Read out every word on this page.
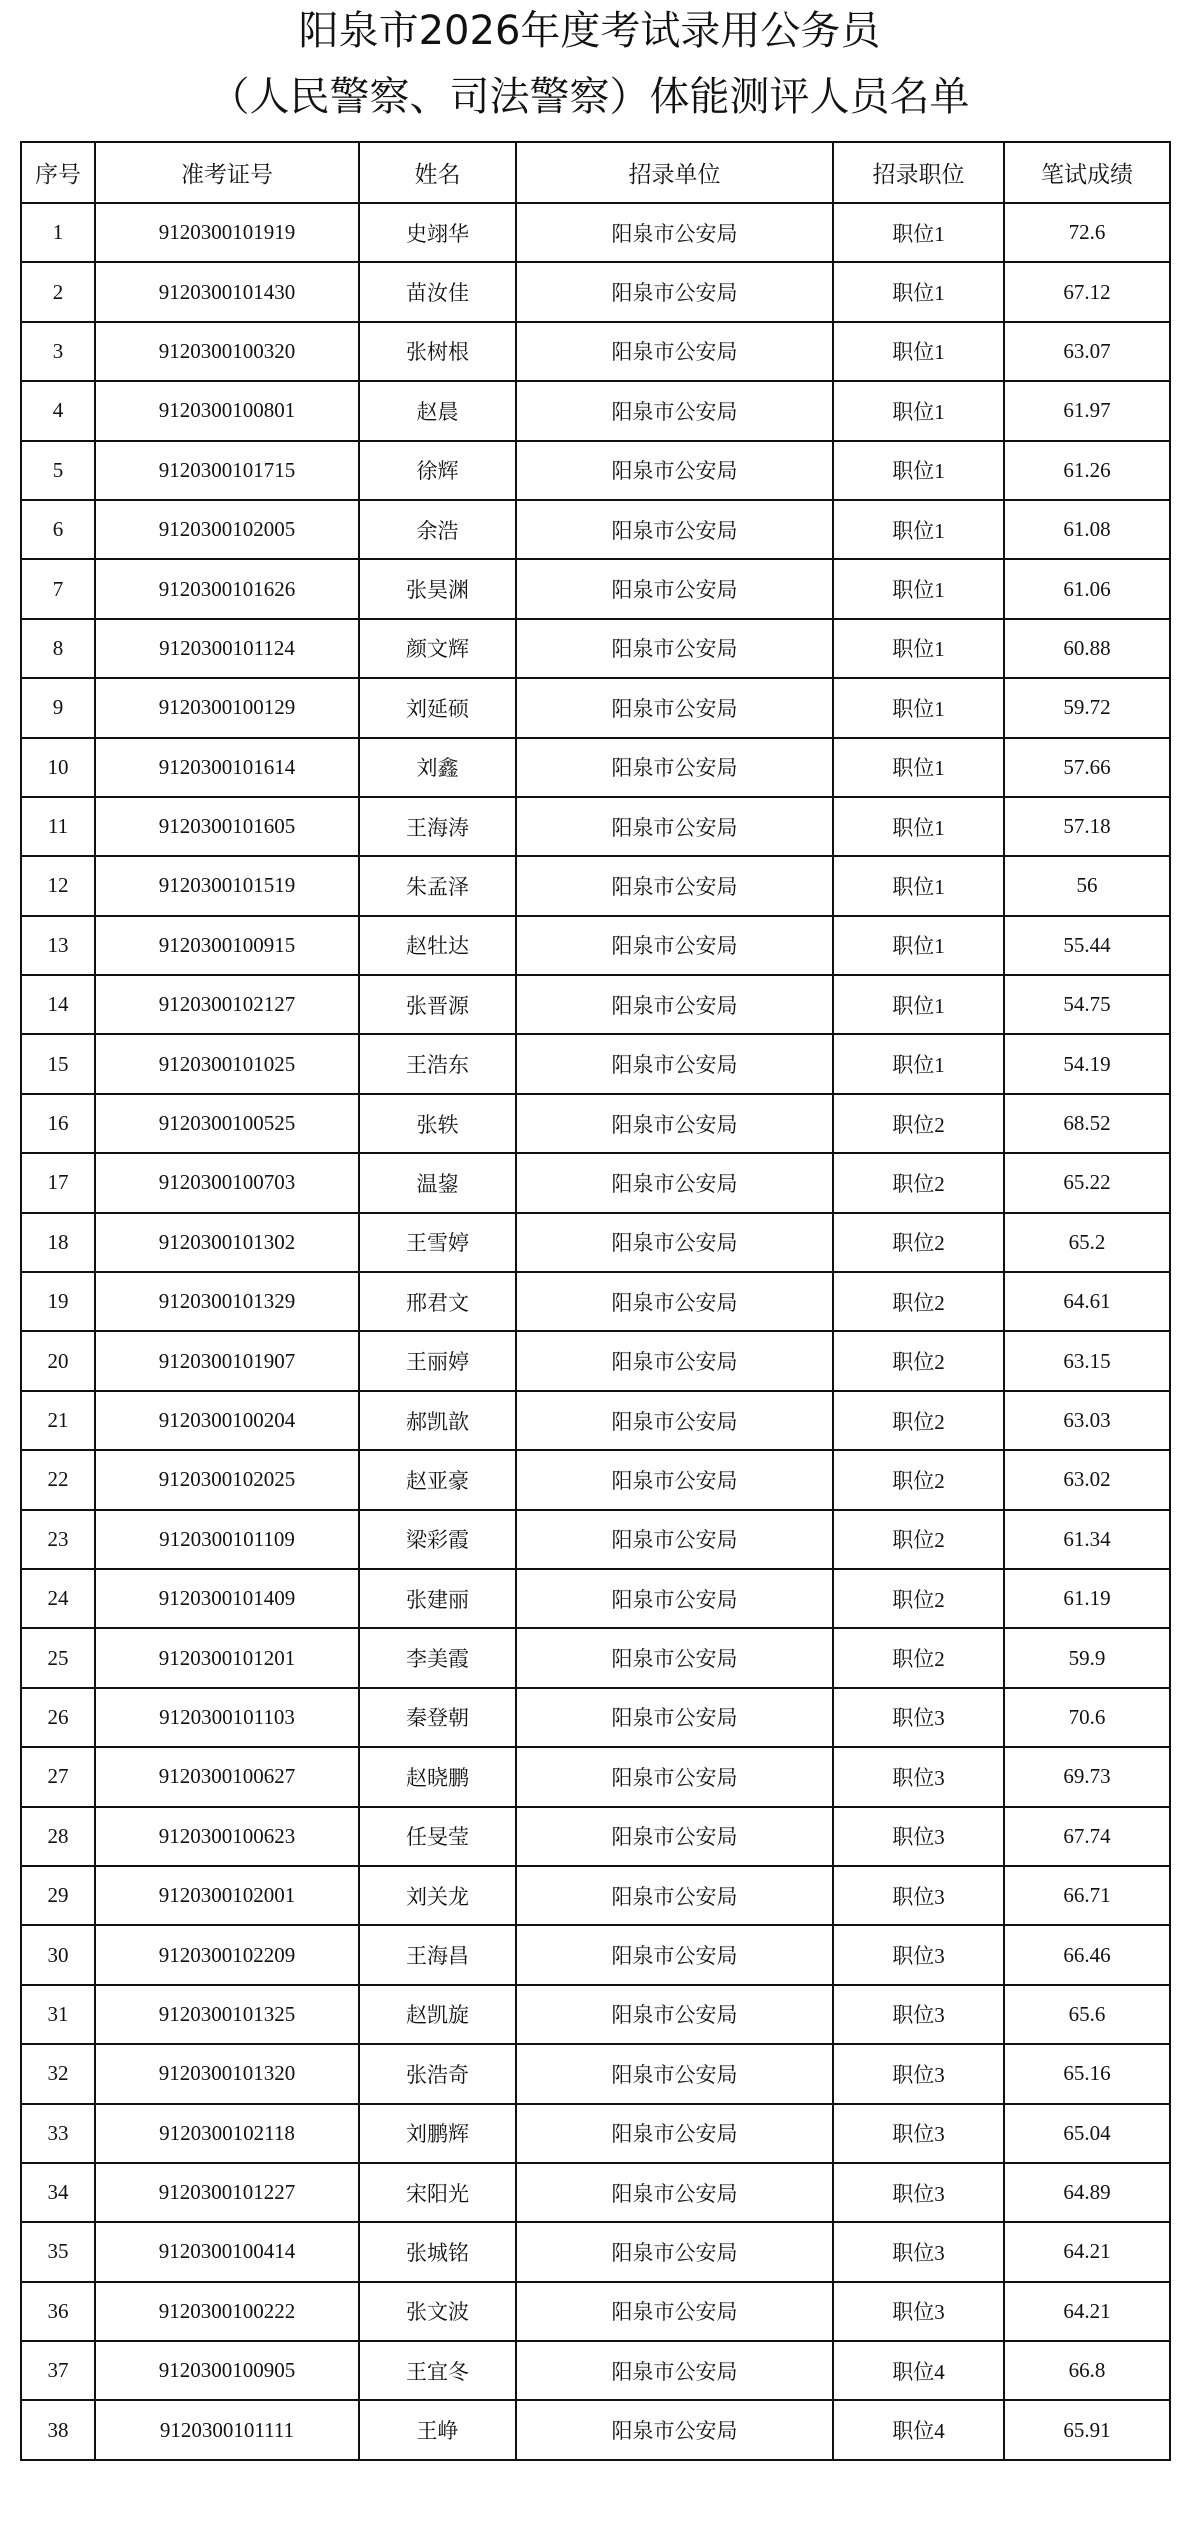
阳泉市2026年度考试录用公务员
（人民警察、司法警察）体能测评人员名单
序号	准考证号	姓名	招录单位	招录职位	笔试成绩
1	9120300101919	史翊华	阳泉市公安局	职位1	72.6
2	9120300101430	苗汝佳	阳泉市公安局	职位1	67.12
3	9120300100320	张树根	阳泉市公安局	职位1	63.07
4	9120300100801	赵晨	阳泉市公安局	职位1	61.97
5	9120300101715	徐辉	阳泉市公安局	职位1	61.26
6	9120300102005	余浩	阳泉市公安局	职位1	61.08
7	9120300101626	张昊渊	阳泉市公安局	职位1	61.06
8	9120300101124	颜文辉	阳泉市公安局	职位1	60.88
9	9120300100129	刘延硕	阳泉市公安局	职位1	59.72
10	9120300101614	刘鑫	阳泉市公安局	职位1	57.66
11	9120300101605	王海涛	阳泉市公安局	职位1	57.18
12	9120300101519	朱孟泽	阳泉市公安局	职位1	56
13	9120300100915	赵牡达	阳泉市公安局	职位1	55.44
14	9120300102127	张晋源	阳泉市公安局	职位1	54.75
15	9120300101025	王浩东	阳泉市公安局	职位1	54.19
16	9120300100525	张轶	阳泉市公安局	职位2	68.52
17	9120300100703	温鋆	阳泉市公安局	职位2	65.22
18	9120300101302	王雪婷	阳泉市公安局	职位2	65.2
19	9120300101329	邢君文	阳泉市公安局	职位2	64.61
20	9120300101907	王丽婷	阳泉市公安局	职位2	63.15
21	9120300100204	郝凯歆	阳泉市公安局	职位2	63.03
22	9120300102025	赵亚豪	阳泉市公安局	职位2	63.02
23	9120300101109	梁彩霞	阳泉市公安局	职位2	61.34
24	9120300101409	张建丽	阳泉市公安局	职位2	61.19
25	9120300101201	李美霞	阳泉市公安局	职位2	59.9
26	9120300101103	秦登朝	阳泉市公安局	职位3	70.6
27	9120300100627	赵晓鹏	阳泉市公安局	职位3	69.73
28	9120300100623	任旻莹	阳泉市公安局	职位3	67.74
29	9120300102001	刘关龙	阳泉市公安局	职位3	66.71
30	9120300102209	王海昌	阳泉市公安局	职位3	66.46
31	9120300101325	赵凯旋	阳泉市公安局	职位3	65.6
32	9120300101320	张浩奇	阳泉市公安局	职位3	65.16
33	9120300102118	刘鹏辉	阳泉市公安局	职位3	65.04
34	9120300101227	宋阳光	阳泉市公安局	职位3	64.89
35	9120300100414	张城铭	阳泉市公安局	职位3	64.21
36	9120300100222	张文波	阳泉市公安局	职位3	64.21
37	9120300100905	王宜冬	阳泉市公安局	职位4	66.8
38	9120300101111	王峥	阳泉市公安局	职位4	65.91
